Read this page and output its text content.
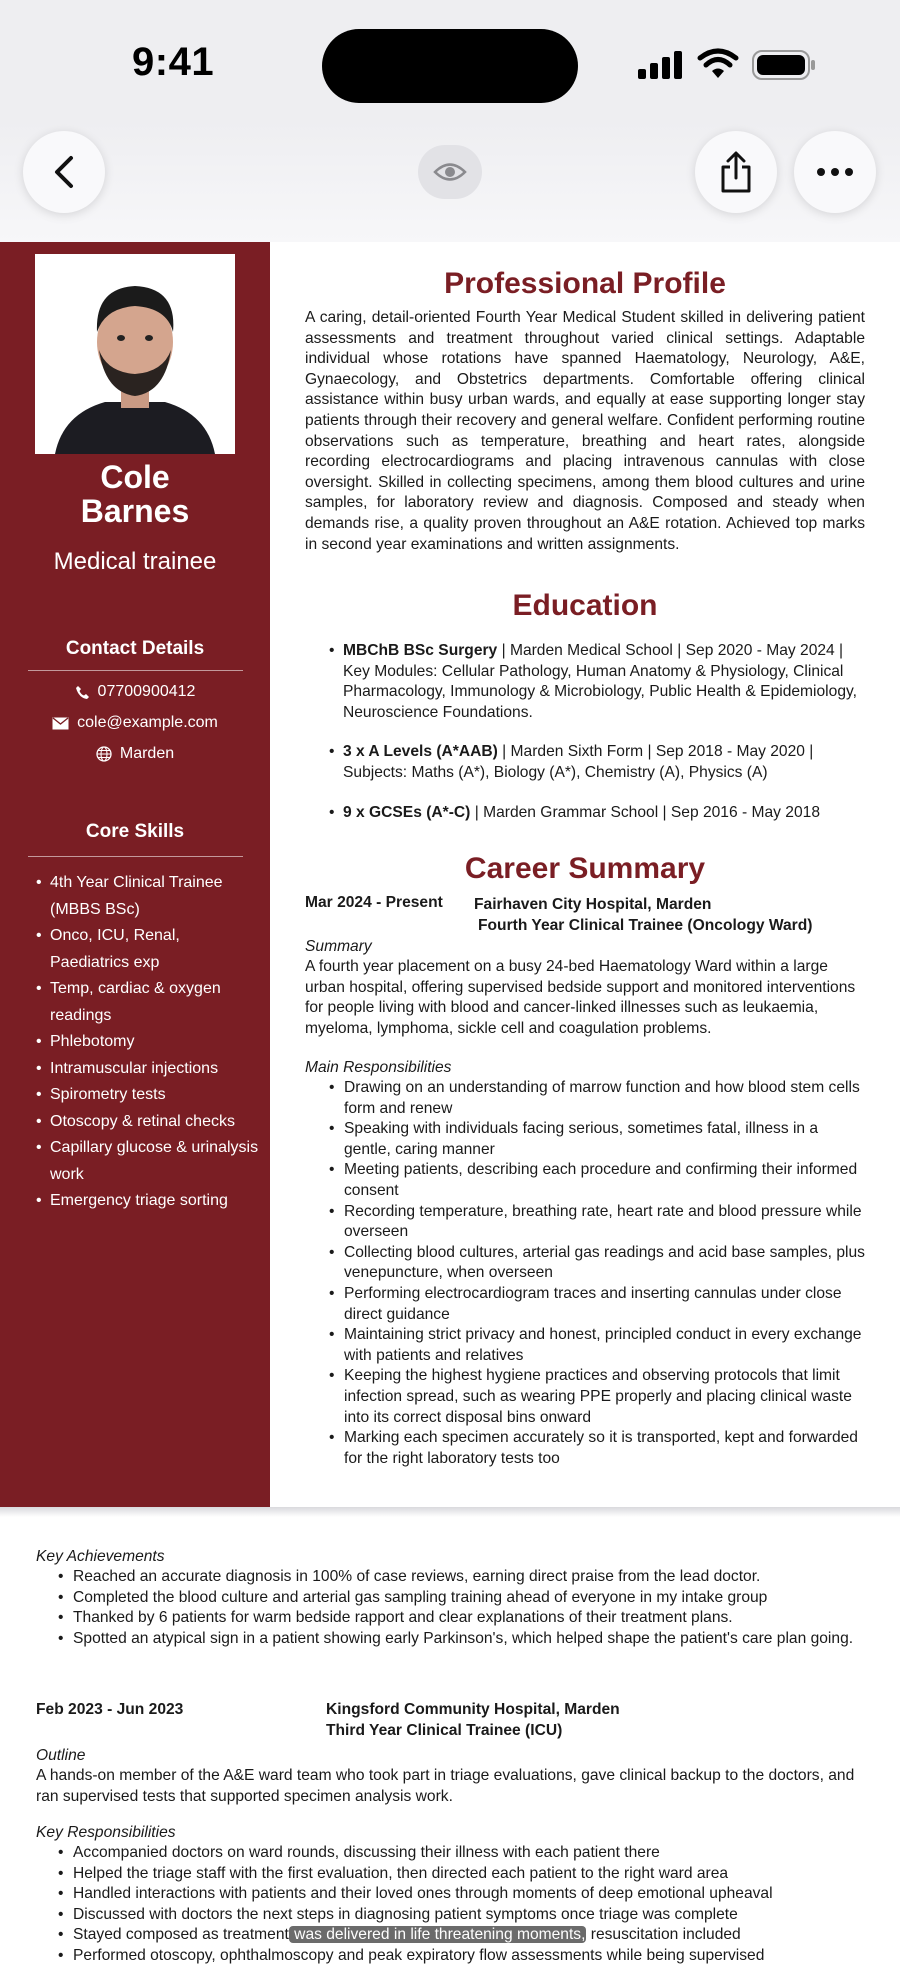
9:41
Cole
Barnes
Medical trainee
Contact Details
07700900412
cole@example.com
Marden
Core Skills
• 4th Year Clinical Trainee (MBBS BSc)
• Onco, ICU, Renal, Paediatrics exp
• Temp, cardiac & oxygen readings
• Phlebotomy
• Intramuscular injections
• Spirometry tests
• Otoscopy & retinal checks
• Capillary glucose & urinalysis work
• Emergency triage sorting
Professional Profile

A caring, detail-oriented Fourth Year Medical Student skilled in delivering patient assessments and treatment throughout varied clinical settings. Adaptable individual whose rotations have spanned Haematology, Neurology, A&E, Gynaecology, and Obstetrics departments. Comfortable offering clinical assistance within busy urban wards, and equally at ease supporting longer stay patients through their recovery and general welfare. Confident performing routine observations such as temperature, breathing and heart rates, alongside recording electrocardiograms and placing intravenous cannulas with close oversight. Skilled in collecting specimens, among them blood cultures and urine samples, for laboratory review and diagnosis. Composed and steady when demands rise, a quality proven throughout an A&E rotation. Achieved top marks in second year examinations and written assignments.

Education
• MBChB BSc Surgery | Marden Medical School | Sep 2020 - May 2024 | Key Modules: Cellular Pathology, Human Anatomy & Physiology, Clinical Pharmacology, Immunology & Microbiology, Public Health & Epidemiology, Neuroscience Foundations.
• 3 x A Levels (A*AAB) | Marden Sixth Form | Sep 2018 - May 2020 | Subjects: Maths (A*), Biology (A*), Chemistry (A), Physics (A)
• 9 x GCSEs (A*-C) | Marden Grammar School | Sep 2016 - May 2018
Career Summary
Mar 2024 - Present Fairhaven City Hospital, Marden
Fourth Year Clinical Trainee (Oncology Ward)
Summary

A fourth year placement on a busy 24-bed Haematology Ward within a large urban hospital, offering supervised bedside support and monitored interventions for people living with blood and cancer-linked illnesses such as leukaemia, myeloma, lymphoma, sickle cell and coagulation problems.

Main Responsibilities
• Drawing on an understanding of marrow function and how blood stem cells form and renew
• Speaking with individuals facing serious, sometimes fatal, illness in a gentle, caring manner
• Meeting patients, describing each procedure and confirming their informed consent
• Recording temperature, breathing rate, heart rate and blood pressure while overseen
• Collecting blood cultures, arterial gas readings and acid base samples, plus venepuncture, when overseen
• Performing electrocardiogram traces and inserting cannulas under close direct guidance
• Maintaining strict privacy and honest, principled conduct in every exchange with patients and relatives
• Keeping the highest hygiene practices and observing protocols that limit infection spread, such as wearing PPE properly and placing clinical waste into its correct disposal bins onward
• Marking each specimen accurately so it is transported, kept and forwarded for the right laboratory tests too
Key Achievements
• Reached an accurate diagnosis in 100% of case reviews, earning direct praise from the lead doctor.
• Completed the blood culture and arterial gas sampling training ahead of everyone in my intake group
• Thanked by 6 patients for warm bedside rapport and clear explanations of their treatment plans.
• Spotted an atypical sign in a patient showing early Parkinson's, which helped shape the patient's care plan going.
Feb 2023 - Jun 2023	Kingsford Community Hospital, Marden
Third Year Clinical Trainee (ICU)
Outline

A hands-on member of the A&E ward team who took part in triage evaluations, gave clinical backup to the doctors, and ran supervised tests that supported specimen analysis work.

Key Responsibilities
• Accompanied doctors on ward rounds, discussing their illness with each patient there
• Helped the triage staff with the first evaluation, then directed each patient to the right ward area
• Handled interactions with patients and their loved ones through moments of deep emotional upheaval
• Discussed with doctors the next steps in diagnosing patient symptoms once triage was complete
• Stayed composed as treatment was delivered in life threatening moments, resuscitation included
• Performed otoscopy, ophthalmoscopy and peak expiratory flow assessments while being supervised
